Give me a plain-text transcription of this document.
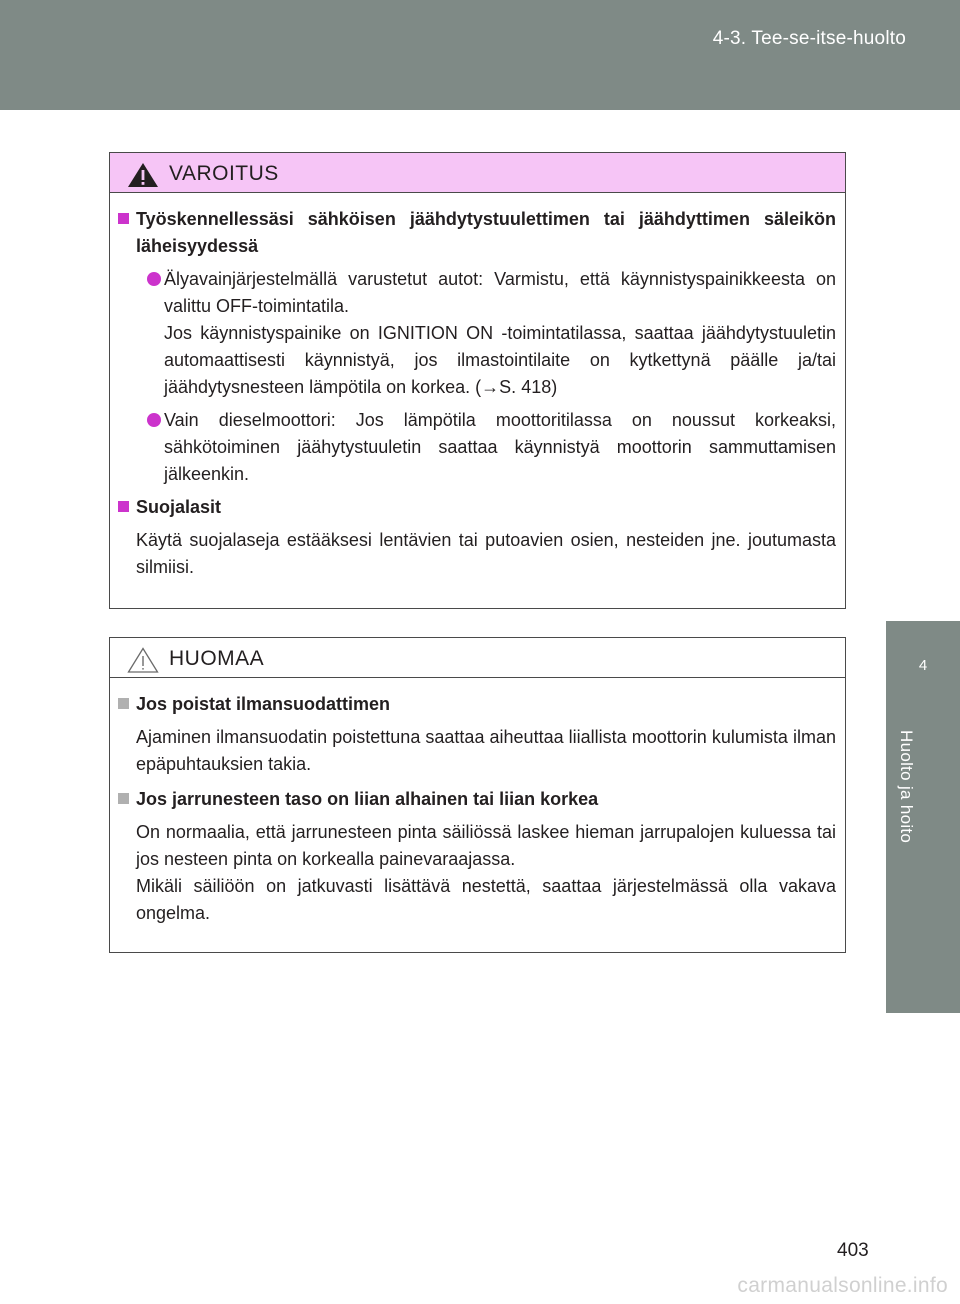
4-3. Tee-se-itse-huolto
4
Huolto ja hoito
VAROITUS
Työskennellessäsi sähköisen jäähdytystuulettimen tai jäähdyttimen säleikön läheisyydessä
Älyavainjärjestelmällä varustetut autot: Varmistu, että käynnistyspainikkeesta on valittu OFF-toimintatila.
Jos käynnistyspainike on IGNITION ON -toimintatilassa, saattaa jäähdytystuuletin automaattisesti käynnistyä, jos ilmastointilaite on kytkettynä päälle ja/tai jäähdytysnesteen lämpötila on korkea. (→S. 418)
Vain dieselmoottori: Jos lämpötila moottoritilassa on noussut korkeaksi, sähkötoiminen jäähytystuuletin saattaa käynnistyä moottorin sammuttamisen jälkeenkin.
Suojalasit
Käytä suojalaseja estääksesi lentävien tai putoavien osien, nesteiden jne. joutumasta silmiisi.
HUOMAA
Jos poistat ilmansuodattimen
Ajaminen ilmansuodatin poistettuna saattaa aiheuttaa liiallista moottorin kulumista ilman epäpuhtauksien takia.
Jos jarrunesteen taso on liian alhainen tai liian korkea
On normaalia, että jarrunesteen pinta säiliössä laskee hieman jarrupalojen kuluessa tai jos nesteen pinta on korkealla painevaraajassa.
Mikäli säiliöön on jatkuvasti lisättävä nestettä, saattaa järjestelmässä olla vakava ongelma.
403
carmanualsonline.info
